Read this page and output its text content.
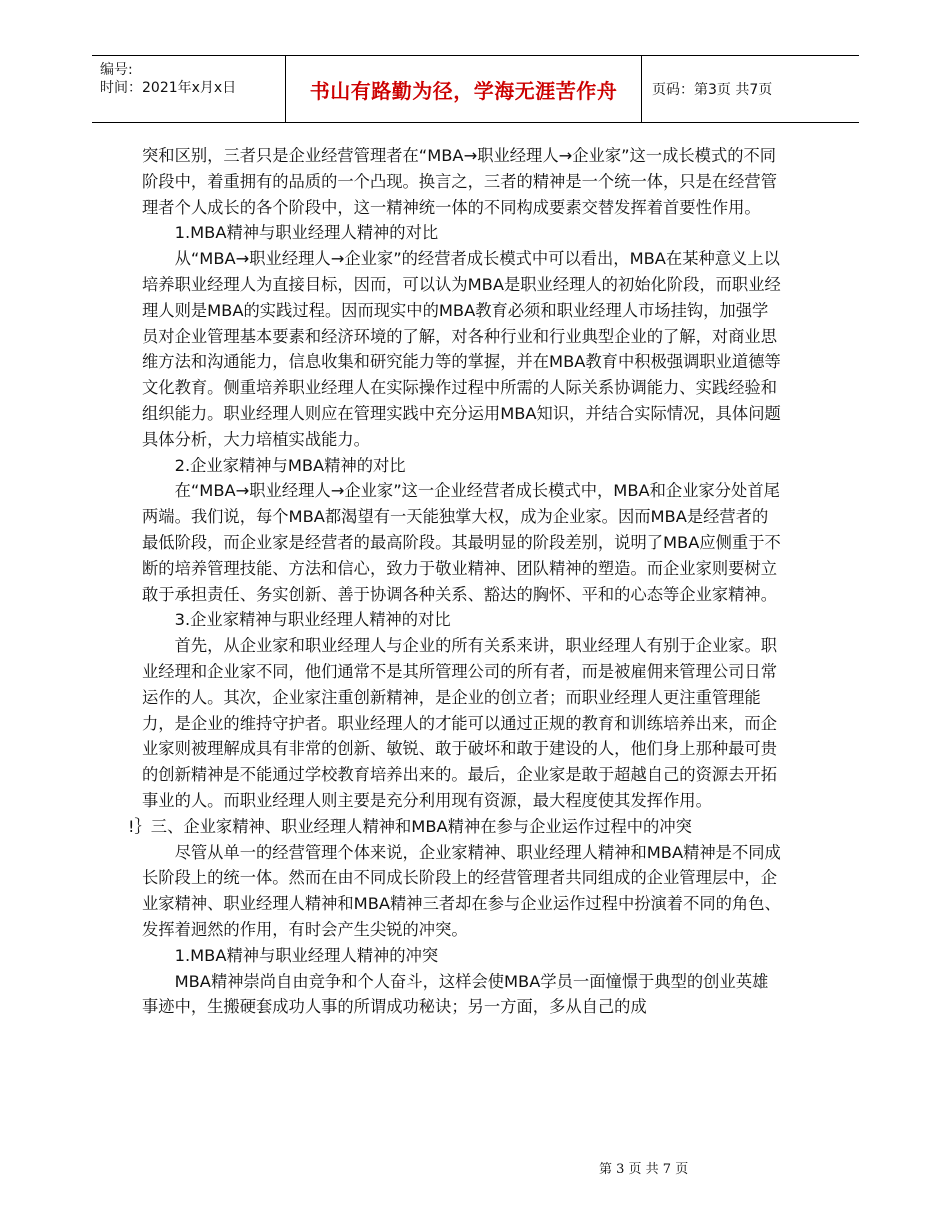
编号:
时间：2021年x月x日	书山有路勤为径，学海无涯苦作舟	页码：第3页 共7页

突和区别，三者只是企业经营管理者在“MBA→职业经理人→企业家”这一成长模式的不同阶段中，着重拥有的品质的一个凸现。换言之，三者的精神是一个统一体，只是在经营管理者个人成长的各个阶段中，这一精神统一体的不同构成要素交替发挥着首要性作用。

1.MBA精神与职业经理人精神的对比

从“MBA→职业经理人→企业家”的经营者成长模式中可以看出，MBA在某种意义上以培养职业经理人为直接目标，因而，可以认为MBA是职业经理人的初始化阶段，而职业经理人则是MBA的实践过程。因而现实中的MBA教育必须和职业经理人市场挂钩，加强学员对企业管理基本要素和经济环境的了解，对各种行业和行业典型企业的了解，对商业思维方法和沟通能力，信息收集和研究能力等的掌握，并在MBA教育中积极强调职业道德等文化教育。侧重培养职业经理人在实际操作过程中所需的人际关系协调能力、实践经验和组织能力。职业经理人则应在管理实践中充分运用MBA知识，并结合实际情况，具体问题具体分析，大力培植实战能力。

2.企业家精神与MBA精神的对比

在“MBA→职业经理人→企业家”这一企业经营者成长模式中，MBA和企业家分处首尾两端。我们说，每个MBA都渴望有一天能独掌大权，成为企业家。因而MBA是经营者的最低阶段，而企业家是经营者的最高阶段。其最明显的阶段差别，说明了MBA应侧重于不断的培养管理技能、方法和信心，致力于敬业精神、团队精神的塑造。而企业家则要树立敢于承担责任、务实创新、善于协调各种关系、豁达的胸怀、平和的心态等企业家精神。

3.企业家精神与职业经理人精神的对比

首先，从企业家和职业经理人与企业的所有关系来讲，职业经理人有别于企业家。职业经理和企业家不同，他们通常不是其所管理公司的所有者，而是被雇佣来管理公司日常运作的人。其次，企业家注重创新精神，是企业的创立者；而职业经理人更注重管理能力，是企业的维持守护者。职业经理人的才能可以通过正规的教育和训练培养出来，而企业家则被理解成具有非常的创新、敏锐、敢于破坏和敢于建设的人，他们身上那种最可贵的创新精神是不能通过学校教育培养出来的。最后，企业家是敢于超越自己的资源去开拓事业的人。而职业经理人则主要是充分利用现有资源，最大程度使其发挥作用。

!｝三、企业家精神、职业经理人精神和MBA精神在参与企业运作过程中的冲突

尽管从单一的经营管理个体来说，企业家精神、职业经理人精神和MBA精神是不同成长阶段上的统一体。然而在由不同成长阶段上的经营管理者共同组成的企业管理层中，企业家精神、职业经理人精神和MBA精神三者却在参与企业运作过程中扮演着不同的角色、发挥着迥然的作用，有时会产生尖锐的冲突。

1.MBA精神与职业经理人精神的冲突

MBA精神崇尚自由竞争和个人奋斗，这样会使MBA学员一面憧憬于典型的创业英雄事迹中，生搬硬套成功人事的所谓成功秘诀；另一方面，多从自己的成

第 3 页 共 7 页
